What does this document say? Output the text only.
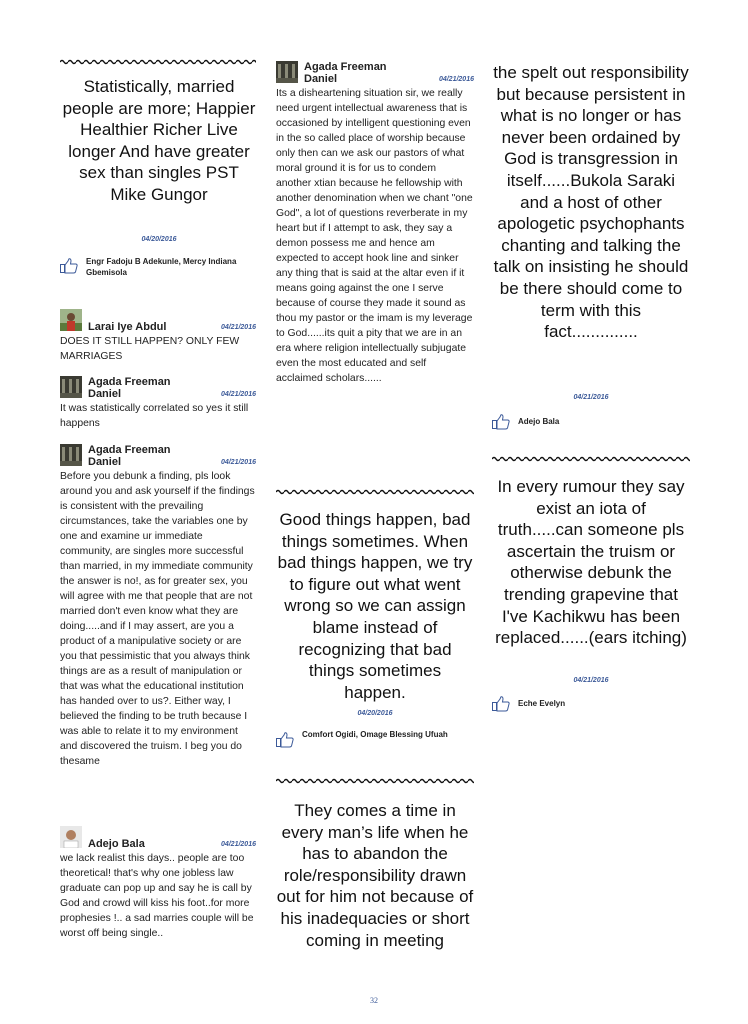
Statistically, married people are more; Happier Healthier Richer Live longer And have greater sex than singles PST Mike Gungor
04/20/2016
Engr Fadoju B Adekunle, Mercy Indiana Gbemisola
Larai Iye Abdul	04/21/2016
DOES IT STILL HAPPEN? ONLY FEW MARRIAGES
Agada Freeman Daniel	04/21/2016
It was statistically correlated so yes it still happens
Agada Freeman Daniel	04/21/2016
Before you debunk a finding, pls look around you and ask yourself if the findings is consistent with the prevailing circumstances, take the variables one by one and examine ur immediate community, are singles more successful than married, in my immediate community the answer is no!, as for greater sex, you will agree with me that people that are not married don't even know what they are doing.....and if I may assert, are you a product of a manipulative society or are you that pessimistic that you always think things are as a result of manipulation or that was what the educational institution has handed over to us?. Either way, I believed the finding to be truth because I was able to relate it to my environment and discovered the truism. I beg you do thesame
Adejo Bala	04/21/2016
we lack realist this days.. people are too theoretical! that's why one jobless law graduate can pop up and say he is call by God and crowd will kiss his foot..for more prophesies !.. a sad marries couple will be worst off being single..
Agada Freeman Daniel	04/21/2016
Its a disheartening situation sir, we really need urgent intellectual awareness that is occasioned by intelligent questioning even in the so called place of worship because only then can we ask our pastors of what moral ground it is for us to condem another xtian because he fellowship with another denomination when we chant "one God", a lot of questions reverberate in my heart but if I attempt to ask, they say a demon possess me and hence am expected to accept hook line and sinker any thing that is said at the altar even if it means going against the one I serve because of course they made it sound as thou my pastor or the imam is my leverage to God......its quit a pity that we are in an era where religion intellectually subjugate even the most educated and self acclaimed scholars......
Good things happen, bad things sometimes. When bad things happen, we try to figure out what went wrong so we can assign blame instead of recognizing that bad things sometimes happen.
04/20/2016
Comfort Ogidi, Omage Blessing Ufuah
They comes a time in every man’s life when he has to abandon the role/responsibility drawn out for him not because of his inadequacies or short coming in meeting
the spelt out responsibility but because persistent in what is no longer or has never been ordained by God is transgression in itself......Bukola Saraki and a host of other apologetic psychophants chanting and talking the talk on insisting he should be there should come to term with this fact..............
04/21/2016
Adejo Bala
In every rumour they say exist an iota of truth.....can someone pls ascertain the truism or otherwise debunk the trending grapevine that I've Kachikwu has been replaced......(ears itching)
04/21/2016
Eche Evelyn
32
